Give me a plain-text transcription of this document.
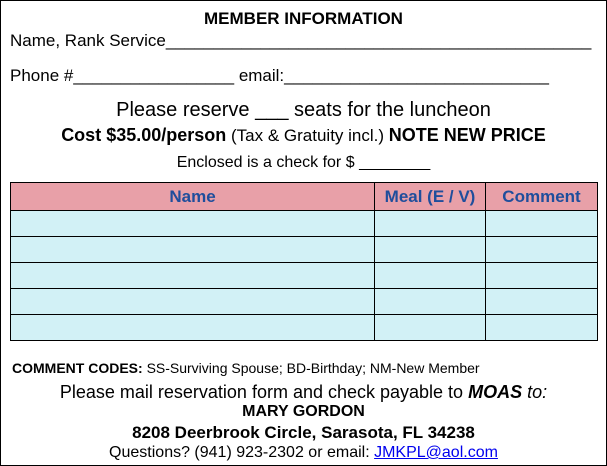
MEMBER INFORMATION
Name, Rank Service_____________________________________________
Phone #_________________ email:____________________________
Please reserve ___ seats for the luncheon
Cost $35.00/person (Tax & Gratuity incl.) NOTE NEW PRICE
Enclosed is a check for $ ________
Name	Meal (E / V)	Comment

COMMENT CODES: SS-Surviving Spouse; BD-Birthday; NM-New Member
Please mail reservation form and check payable to MOAS to:
MARY GORDON
8208 Deerbrook Circle, Sarasota, FL 34238
Questions? (941) 923-2302 or email: JMKPL@aol.com
